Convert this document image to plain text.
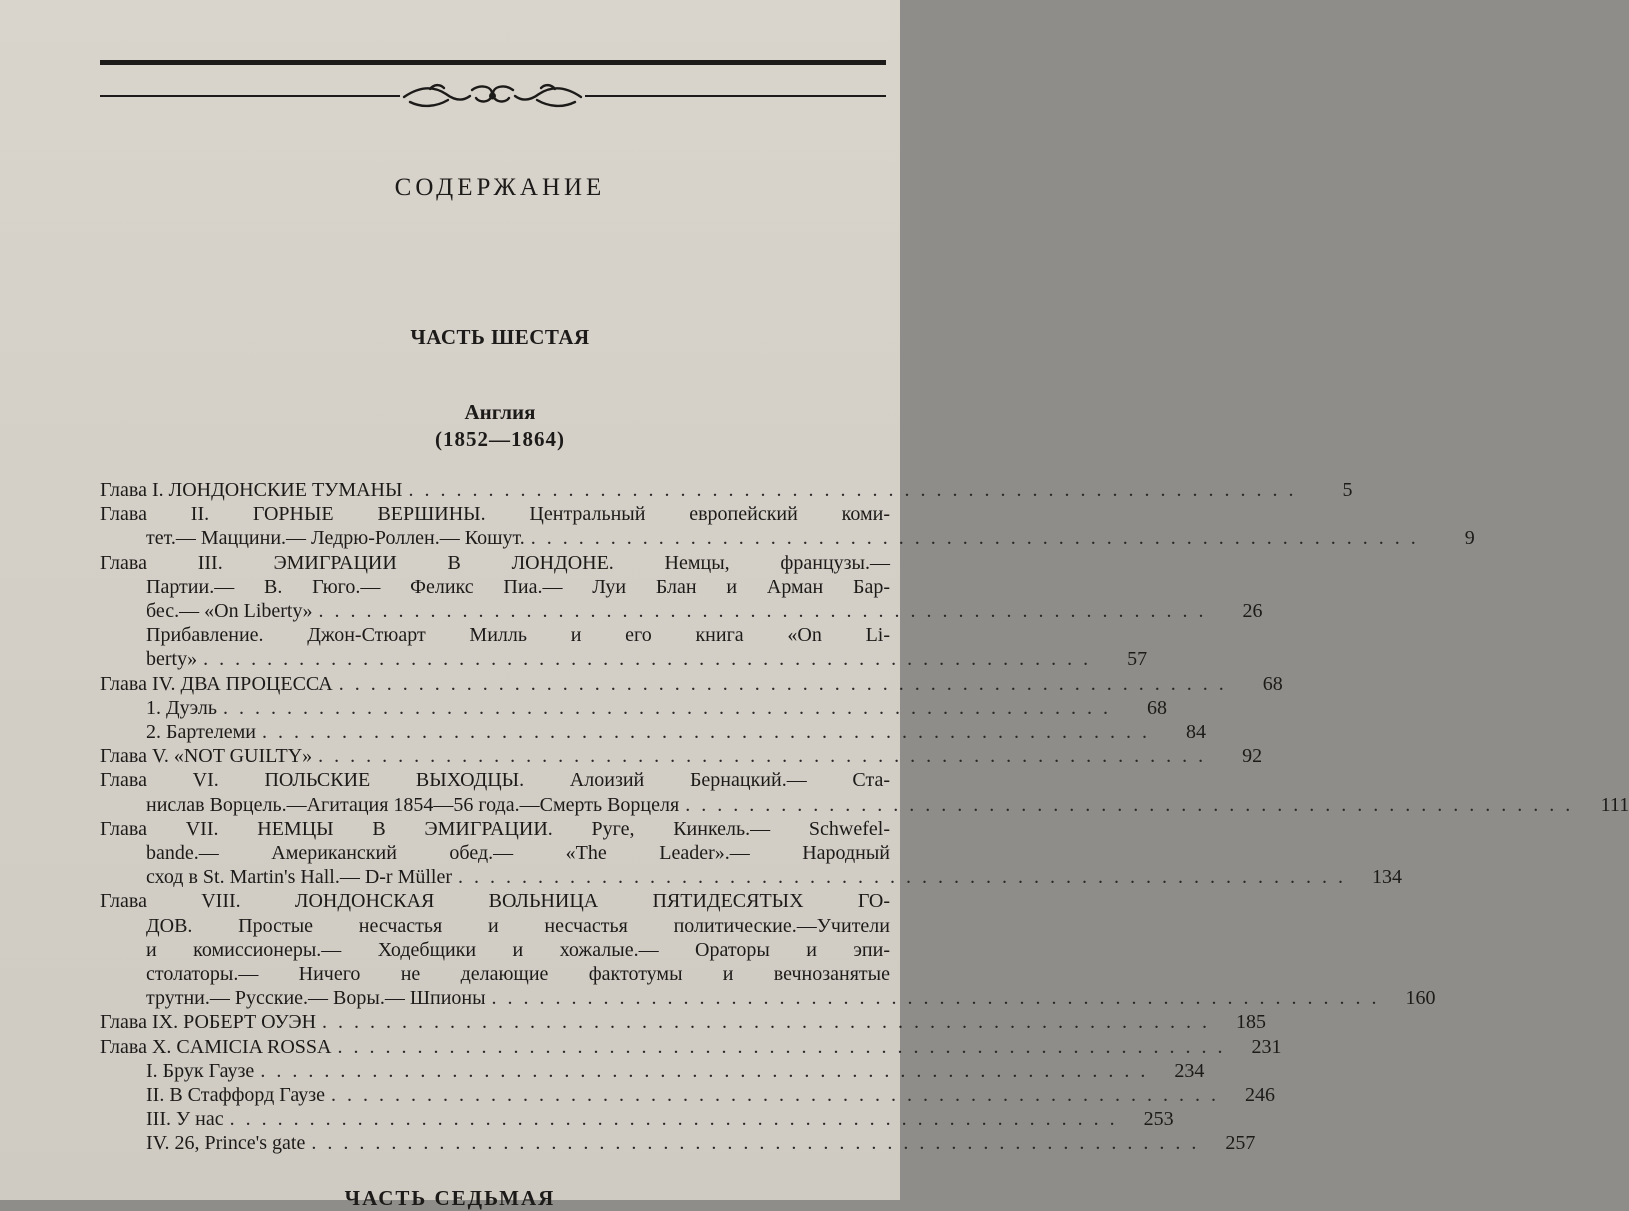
СОДЕРЖАНИЕ
ЧАСТЬ ШЕСТАЯ
Англия
(1852—1864)
Глава I. ЛОНДОНСКИЕ ТУМАНЫ . . . . . . . . . . . . . . . . . . . . . . . . . . . . . . . . . . . . . . . . . . . . . . . . . . . . . . . .	5
Глава II. ГОРНЫЕ ВЕРШИНЫ. Центральный европейский коми-
тет.— Маццини.— Ледрю-Роллен.— Кошут. . . . . . . . . . . . . . . . . . . . . . . . . . . . . . . . . . . . . . . . . . . . . . . . . . . . . . . . .	9
Глава III. ЭМИГРАЦИИ В ЛОНДОНЕ. Немцы, французы.—
Партии.— В. Гюго.— Феликс Пиа.— Луи Блан и Арман Бар-
бес.— «On Liberty» . . . . . . . . . . . . . . . . . . . . . . . . . . . . . . . . . . . . . . . . . . . . . . . . . . . . . . . .	26
Прибавление. Джон-Стюарт Милль и его книга «On Li-
berty» . . . . . . . . . . . . . . . . . . . . . . . . . . . . . . . . . . . . . . . . . . . . . . . . . . . . . . . .	57
Глава IV. ДВА ПРОЦЕССА . . . . . . . . . . . . . . . . . . . . . . . . . . . . . . . . . . . . . . . . . . . . . . . . . . . . . . . .	68
1. Дуэль . . . . . . . . . . . . . . . . . . . . . . . . . . . . . . . . . . . . . . . . . . . . . . . . . . . . . . . .	68
2. Бартелеми . . . . . . . . . . . . . . . . . . . . . . . . . . . . . . . . . . . . . . . . . . . . . . . . . . . . . . . .	84
Глава V. «NOT GUILTY» . . . . . . . . . . . . . . . . . . . . . . . . . . . . . . . . . . . . . . . . . . . . . . . . . . . . . . . .	92
Глава VI. ПОЛЬСКИЕ ВЫХОДЦЫ. Алоизий Бернацкий.— Ста-
нислав Ворцель.—Агитация 1854—56 года.—Смерть Ворцеля . . . . . . . . . . . . . . . . . . . . . . . . . . . . . . . . . . . . . . . . . . . . . . . . . . . . . . . .	111
Глава VII. НЕМЦЫ В ЭМИГРАЦИИ. Руге, Кинкель.— Schwefel-
bande.— Американский обед.— «The Leader».— Народный
сход в St. Martin's Hall.— D-r Müller . . . . . . . . . . . . . . . . . . . . . . . . . . . . . . . . . . . . . . . . . . . . . . . . . . . . . . . .	134
Глава VIII. ЛОНДОНСКАЯ ВОЛЬНИЦА ПЯТИДЕСЯТЫХ ГО-
ДОВ. Простые несчастья и несчастья политические.—Учители
и комиссионеры.— Ходебщики и хожалые.— Ораторы и эпи-
столаторы.— Ничего не делающие фактотумы и вечнозанятые
трутни.— Русские.— Воры.— Шпионы . . . . . . . . . . . . . . . . . . . . . . . . . . . . . . . . . . . . . . . . . . . . . . . . . . . . . . . .	160
Глава IX. РОБЕРТ ОУЭН . . . . . . . . . . . . . . . . . . . . . . . . . . . . . . . . . . . . . . . . . . . . . . . . . . . . . . . .	185
Глава X. CAMICIA ROSSA . . . . . . . . . . . . . . . . . . . . . . . . . . . . . . . . . . . . . . . . . . . . . . . . . . . . . . . .	231
I. Брук Гаузе . . . . . . . . . . . . . . . . . . . . . . . . . . . . . . . . . . . . . . . . . . . . . . . . . . . . . . . .	234
II. В Стаффорд Гаузе . . . . . . . . . . . . . . . . . . . . . . . . . . . . . . . . . . . . . . . . . . . . . . . . . . . . . . . .	246
III. У нас . . . . . . . . . . . . . . . . . . . . . . . . . . . . . . . . . . . . . . . . . . . . . . . . . . . . . . . .	253
IV. 26, Prince's gate . . . . . . . . . . . . . . . . . . . . . . . . . . . . . . . . . . . . . . . . . . . . . . . . . . . . . . . .	257
ЧАСТЬ СЕДЬМАЯ
